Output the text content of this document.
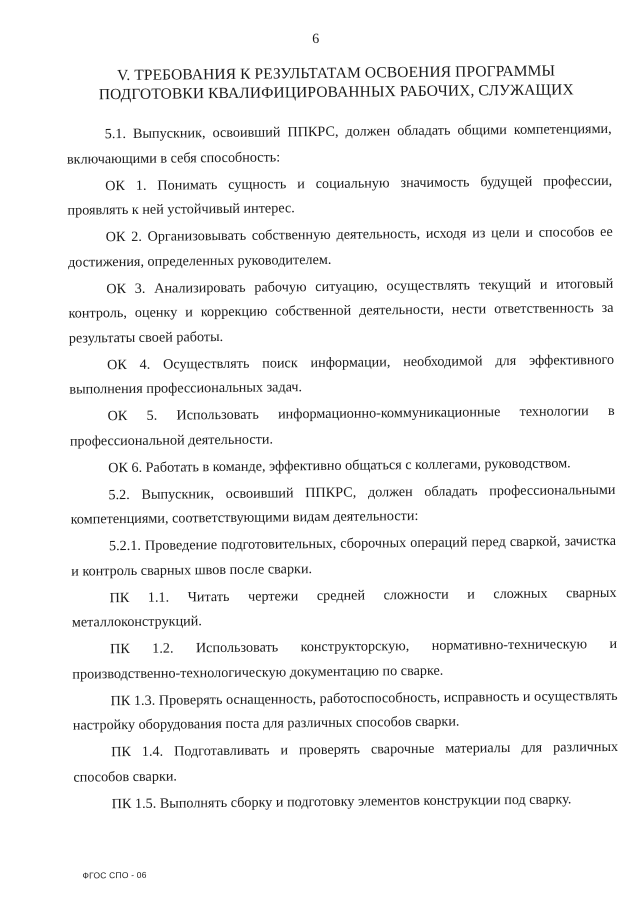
6
V. ТРЕБОВАНИЯ К РЕЗУЛЬТАТАМ ОСВОЕНИЯ ПРОГРАММЫ
ПОДГОТОВКИ КВАЛИФИЦИРОВАННЫХ РАБОЧИХ, СЛУЖАЩИХ

5.1. Выпускник, освоивший ППКРС, должен обладать общими компетенциями, включающими в себя способность:

ОК 1. Понимать сущность и социальную значимость будущей профессии, проявлять к ней устойчивый интерес.

ОК 2. Организовывать собственную деятельность, исходя из цели и способов ее достижения, определенных руководителем.

ОК 3. Анализировать рабочую ситуацию, осуществлять текущий и итоговый контроль, оценку и коррекцию собственной деятельности, нести ответственность за результаты своей работы.

ОК 4. Осуществлять поиск информации, необходимой для эффективного выполнения профессиональных задач.

ОК 5. Использовать информационно-коммуникационные технологии в профессиональной деятельности.

ОК 6. Работать в команде, эффективно общаться с коллегами, руководством.

5.2. Выпускник, освоивший ППКРС, должен обладать профессиональными компетенциями, соответствующими видам деятельности:

5.2.1. Проведение подготовительных, сборочных операций перед сваркой, зачистка и контроль сварных швов после сварки.

ПК 1.1. Читать чертежи средней сложности и сложных сварных металлоконструкций.

ПК 1.2. Использовать конструкторскую, нормативно-техническую и производственно-технологическую документацию по сварке.

ПК 1.3. Проверять оснащенность, работоспособность, исправность и осуществлять настройку оборудования поста для различных способов сварки.

ПК 1.4. Подготавливать и проверять сварочные материалы для различных способов сварки.

ПК 1.5. Выполнять сборку и подготовку элементов конструкции под сварку.

ФГОС СПО - 06
